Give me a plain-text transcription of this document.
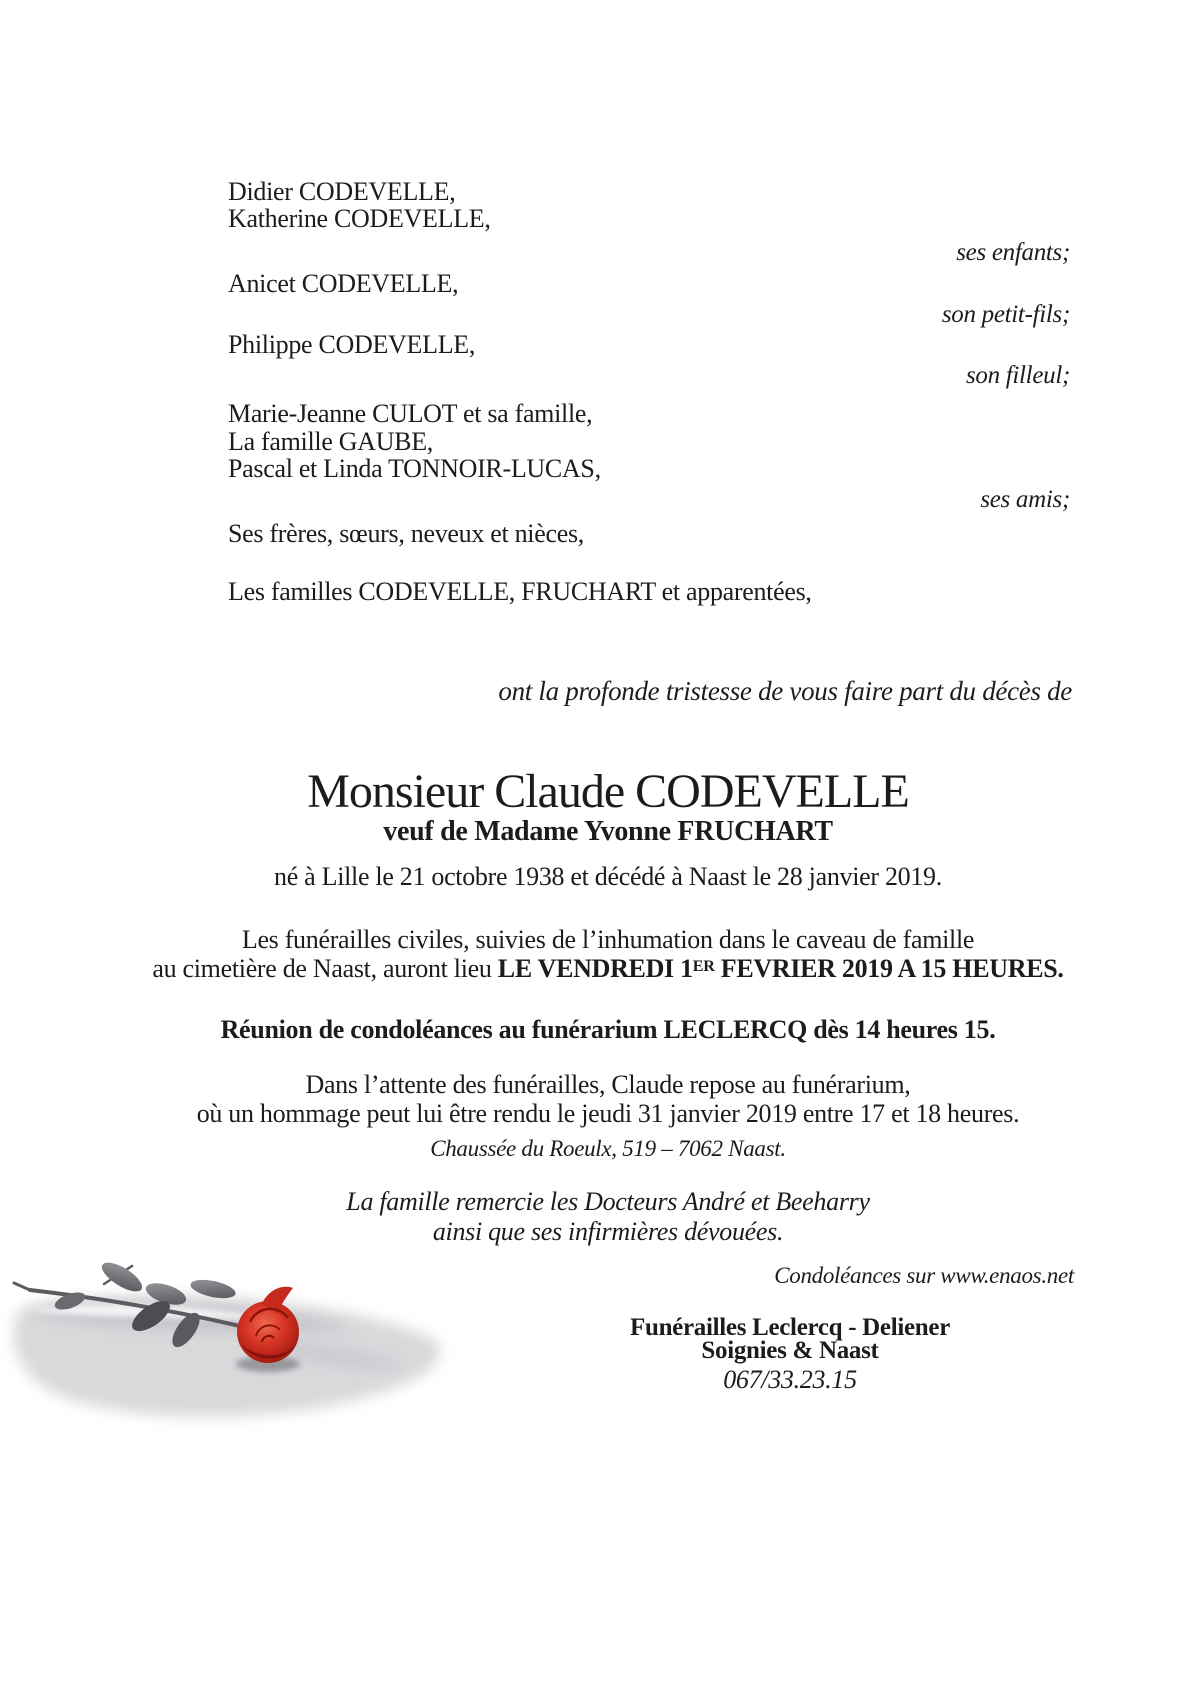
Didier CODEVELLE,
Katherine CODEVELLE,
ses enfants;
Anicet CODEVELLE,
son petit-fils;
Philippe CODEVELLE,
son filleul;
Marie-Jeanne CULOT et sa famille,
La famille GAUBE,
Pascal et Linda TONNOIR-LUCAS,
ses amis;
Ses frères, sœurs, neveux et nièces,
Les familles CODEVELLE, FRUCHART et apparentées,
ont la profonde tristesse de vous faire part du décès de
Monsieur Claude CODEVELLE
veuf de Madame Yvonne FRUCHART
né à Lille le 21 octobre 1938 et décédé à Naast le 28 janvier 2019.
Les funérailles civiles, suivies de l’inhumation dans le caveau de famille
au cimetière de Naast, auront lieu LE VENDREDI 1ER FEVRIER 2019 A 15 HEURES.
Réunion de condoléances au funérarium LECLERCQ dès 14 heures 15.
Dans l’attente des funérailles, Claude repose au funérarium,
où un hommage peut lui être rendu le jeudi 31 janvier 2019 entre 17 et 18 heures.
Chaussée du Roeulx, 519 – 7062 Naast.
La famille remercie les Docteurs André et Beeharry
ainsi que ses infirmières dévouées.
Condoléances sur www.enaos.net
Funérailles Leclercq - Deliener
Soignies & Naast
067/33.23.15
